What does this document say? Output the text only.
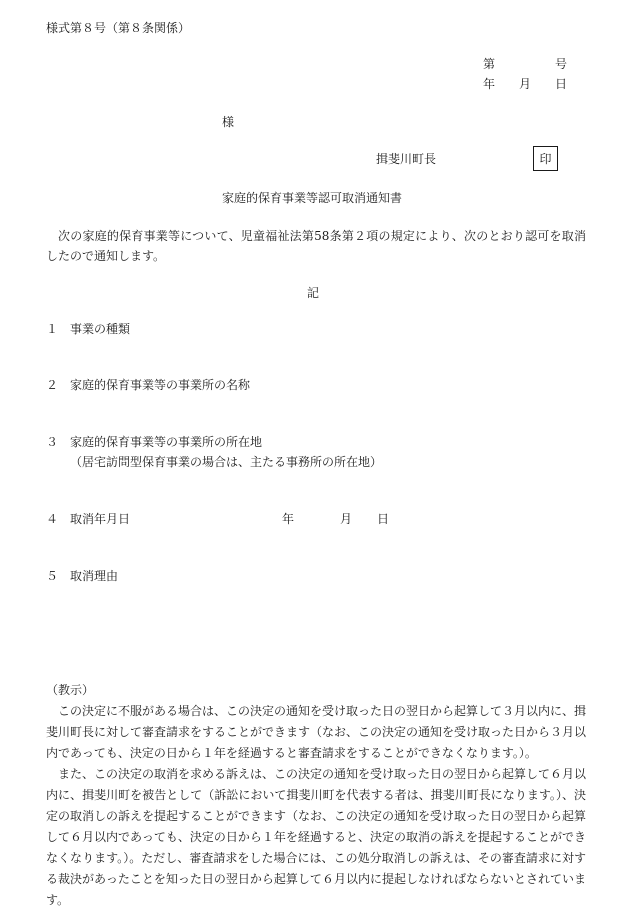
様式第８号（第８条関係）
第	号
年 月 日
様
揖斐川町長	印
家庭的保育事業等認可取消通知書
次の家庭的保育事業等について、児童福祉法第58条第２項の規定により、次のとおり認可を取消したので通知します。
記
１ 事業の種類
２ 家庭的保育事業等の事業所の名称
３ 家庭的保育事業等の事業所の所在地
（居宅訪問型保育事業の場合は、主たる事務所の所在地）
４ 取消年月日	年	月 日
５ 取消理由

（教示）

この決定に不服がある場合は、この決定の通知を受け取った日の翌日から起算して３月以内に、揖斐川町長に対して審査請求をすることができます（なお、この決定の通知を受け取った日から３月以内であっても、決定の日から１年を経過すると審査請求をすることができなくなります。）。

また、この決定の取消を求める訴えは、この決定の通知を受け取った日の翌日から起算して６月以内に、揖斐川町を被告として（訴訟において揖斐川町を代表する者は、揖斐川町長になります。）、決定の取消しの訴えを提起することができます（なお、この決定の通知を受け取った日の翌日から起算して６月以内であっても、決定の日から１年を経過すると、決定の取消の訴えを提起することができなくなります。）。ただし、審査請求をした場合には、この処分取消しの訴えは、その審査請求に対する裁決があったことを知った日の翌日から起算して６月以内に提起しなければならないとされています。
